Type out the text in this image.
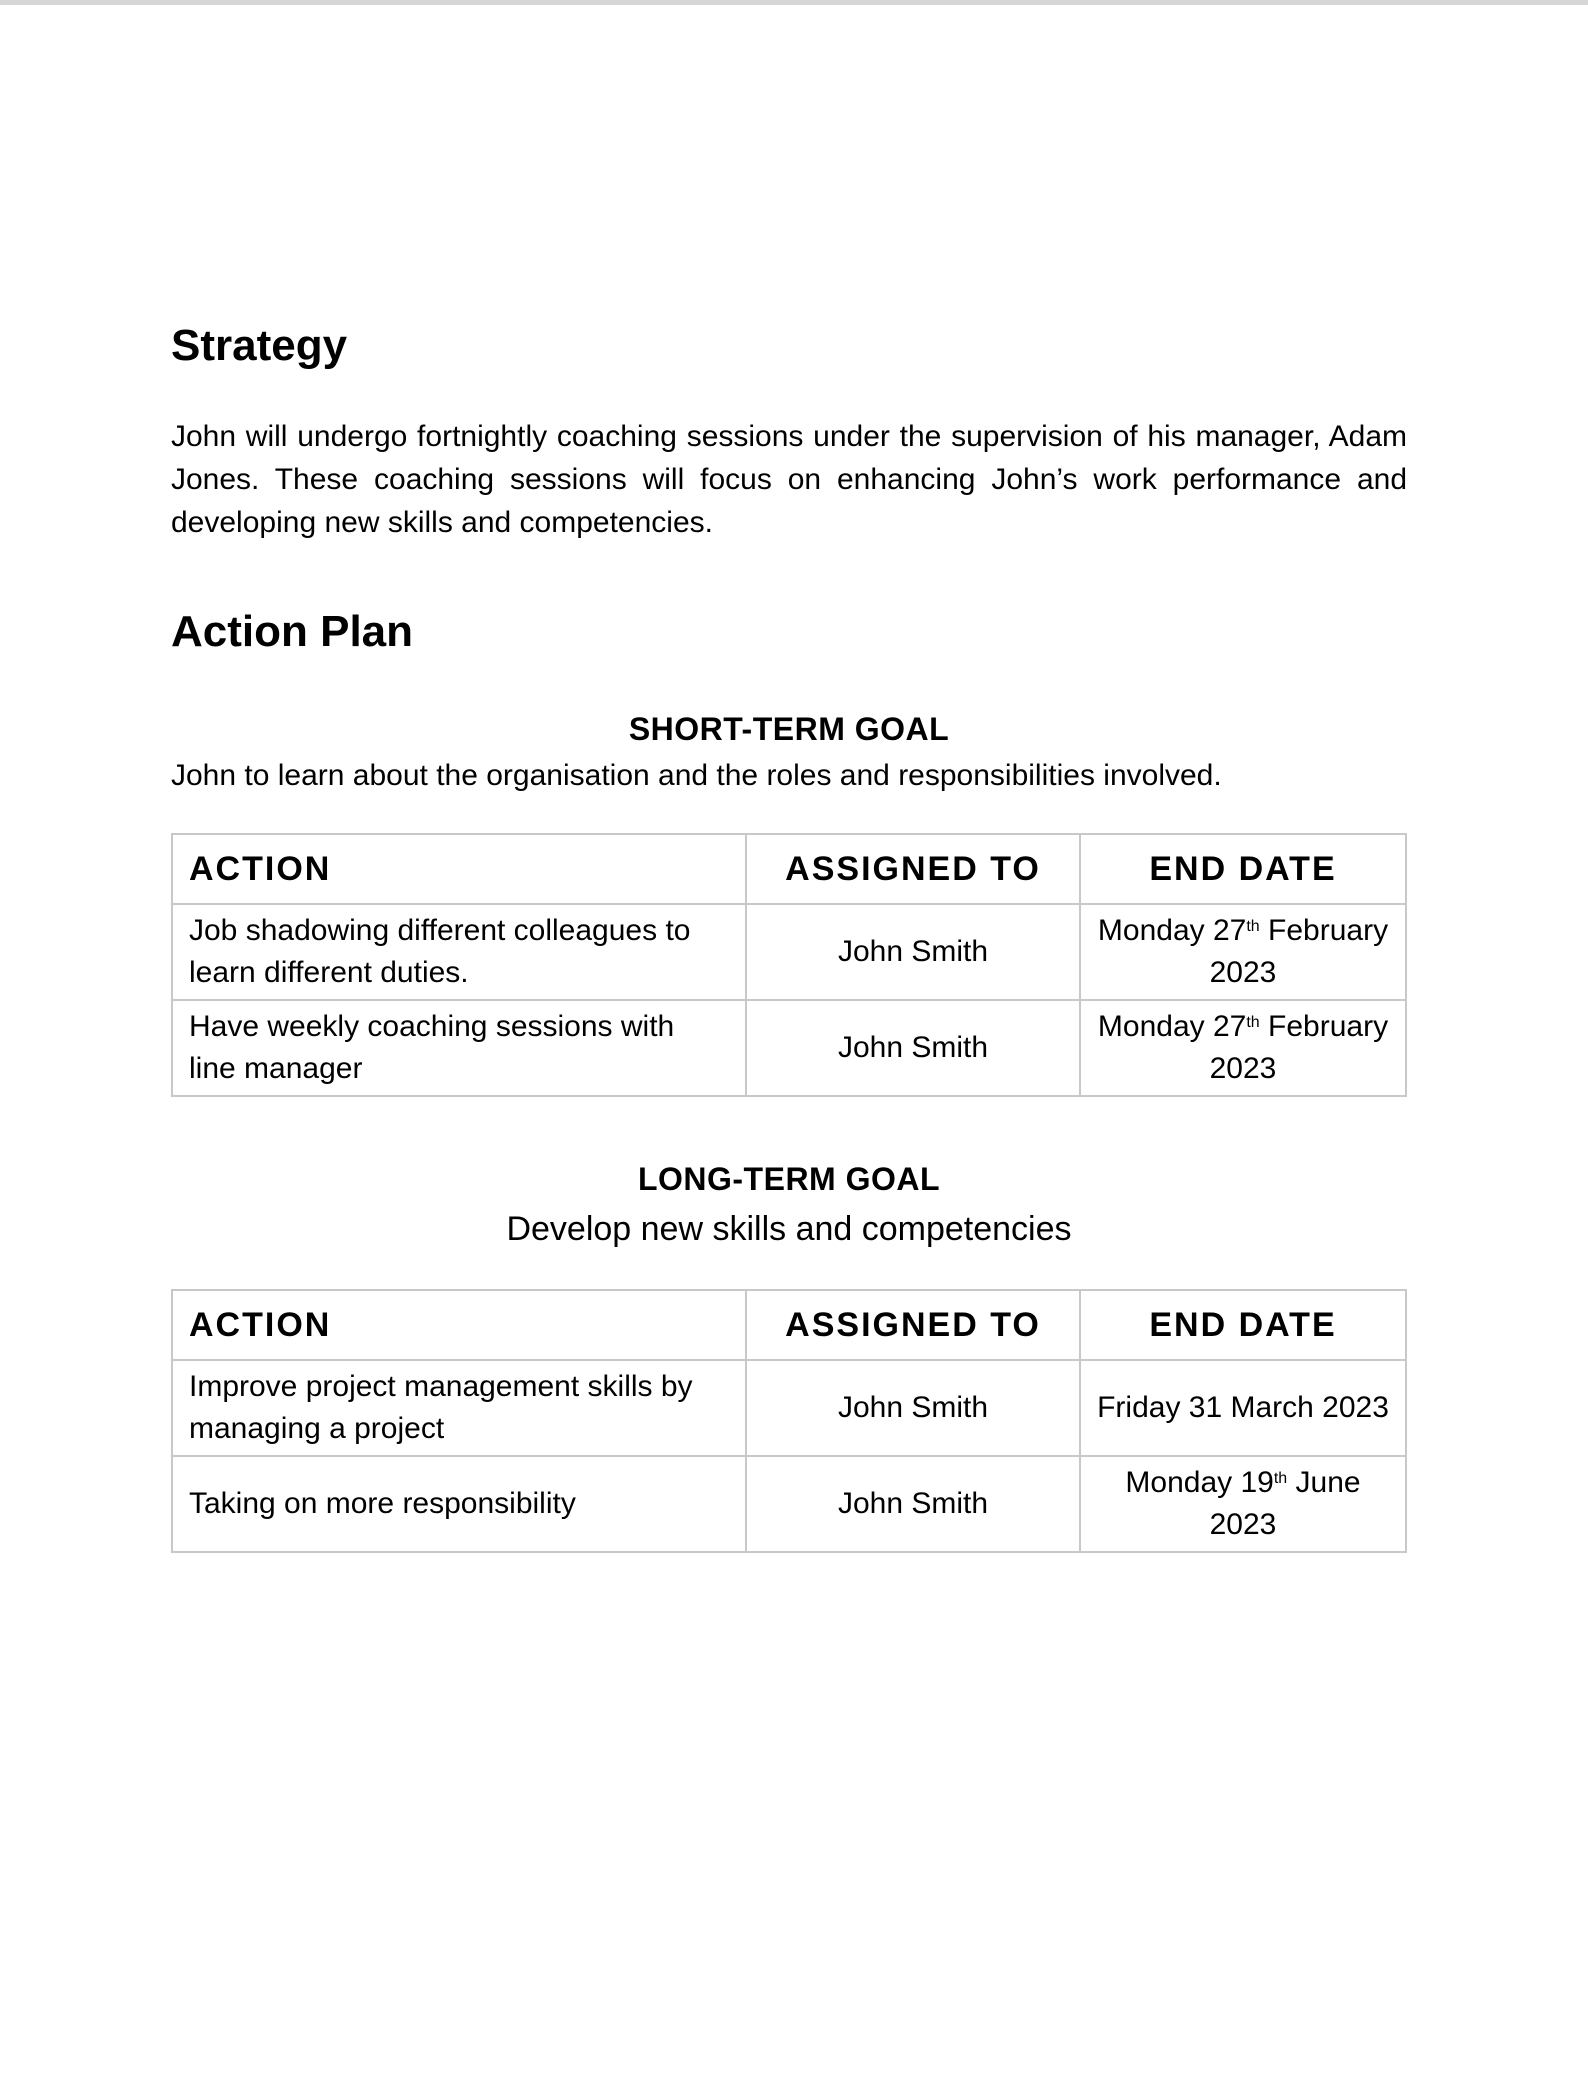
Strategy

John will undergo fortnightly coaching sessions under the supervision of his manager, Adam Jones. These coaching sessions will focus on enhancing John’s work performance and developing new skills and competencies.

Action Plan
SHORT-TERM GOAL
John to learn about the organisation and the roles and responsibilities involved.
ACTION	ASSIGNED TO	END DATE
Job shadowing different colleagues to learn different duties.	John Smith	Monday 27th February 2023
Have weekly coaching sessions with line manager	John Smith	Monday 27th February 2023
LONG-TERM GOAL
Develop new skills and competencies
ACTION	ASSIGNED TO	END DATE
Improve project management skills by managing a project	John Smith	Friday 31 March 2023
Taking on more responsibility	John Smith	Monday 19th June 2023
